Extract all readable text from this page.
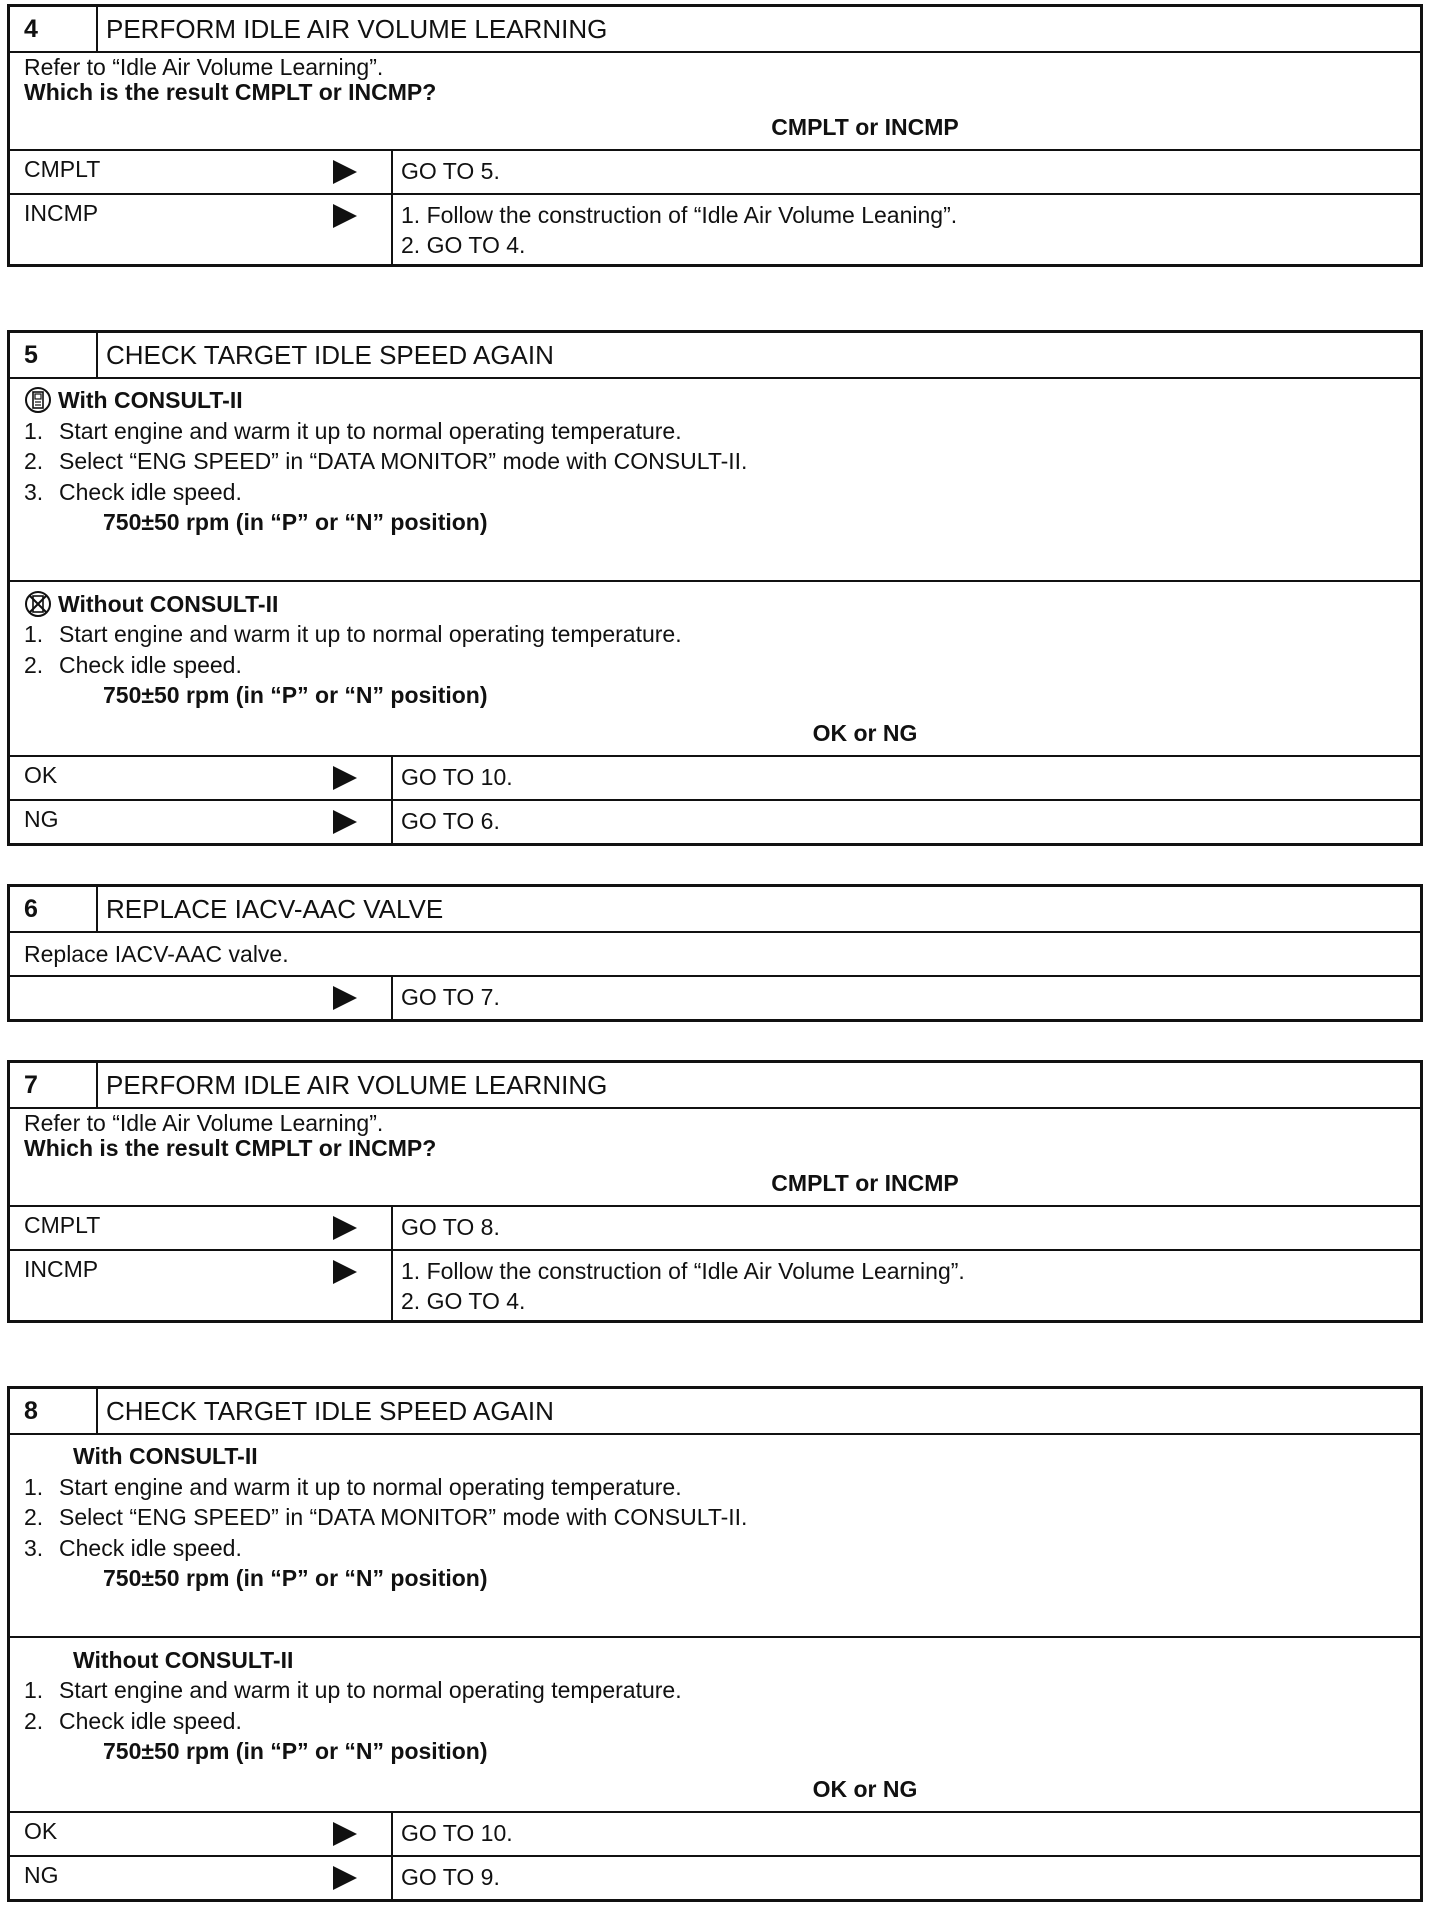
4	PERFORM IDLE AIR VOLUME LEARNING
Refer to “Idle Air Volume Learning”.
Which is the result CMPLT or INCMP?
CMPLT or INCMP
CMPLT	GO TO 5.
INCMP	1. Follow the construction of “Idle Air Volume Leaning”.
2. GO TO 4.
5	CHECK TARGET IDLE SPEED AGAIN
With CONSULT-II
1. Start engine and warm it up to normal operating temperature.
2. Select “ENG SPEED” in “DATA MONITOR” mode with CONSULT-II.
3. Check idle speed.
750±50 rpm (in “P” or “N” position)
Without CONSULT-II
1. Start engine and warm it up to normal operating temperature.
2. Check idle speed.
750±50 rpm (in “P” or “N” position)
OK or NG
OK	GO TO 10.
NG	GO TO 6.
6	REPLACE IACV-AAC VALVE
Replace IACV-AAC valve.
GO TO 7.
7	PERFORM IDLE AIR VOLUME LEARNING
Refer to “Idle Air Volume Learning”.
Which is the result CMPLT or INCMP?
CMPLT or INCMP
CMPLT	GO TO 8.
INCMP	1. Follow the construction of “Idle Air Volume Learning”.
2. GO TO 4.
8	CHECK TARGET IDLE SPEED AGAIN
With CONSULT-II
1. Start engine and warm it up to normal operating temperature.
2. Select “ENG SPEED” in “DATA MONITOR” mode with CONSULT-II.
3. Check idle speed.
750±50 rpm (in “P” or “N” position)
Without CONSULT-II
1. Start engine and warm it up to normal operating temperature.
2. Check idle speed.
750±50 rpm (in “P” or “N” position)
OK or NG
OK	GO TO 10.
NG	GO TO 9.
